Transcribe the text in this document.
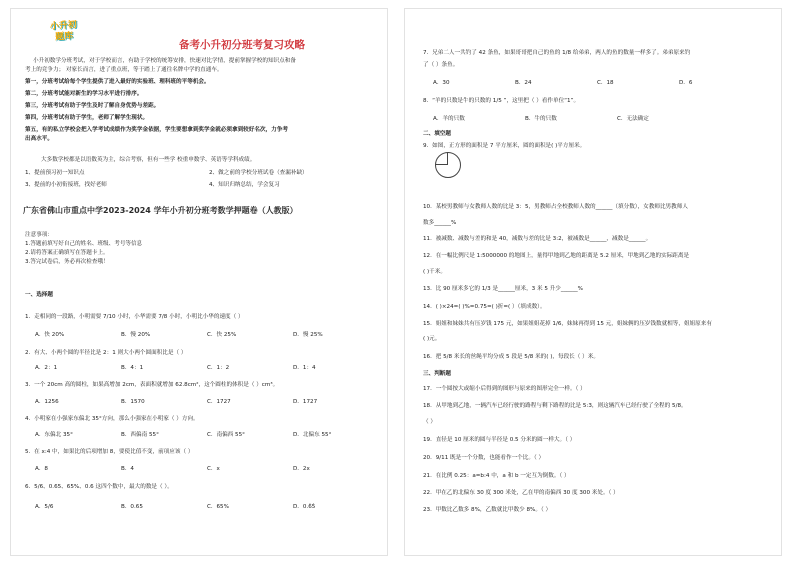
小升初
题库
备考小升初分班考复习攻略
小升初数学分班考试，对于学校而言，有助于学校的统筹安排，快速对比学情，提前掌握学校的知识点和备
考上的竞争力； 对家长而言，进了重点班，等于踏上了通往名牌中学的直通车。
第一，分班考试给每个学生提供了进入最好的实验班、理科班的平等机会。
第二，分班考试能对新生的学习水平进行排序。
第三，分班考试有助于学生及时了解自身优势与差距。
第四，分班考试有助于学生，老师了解学生现状。
第五，有的私立学校会把入学考试成绩作为奖学金依据，学生要想拿到奖学金就必须拿到较好名次，力争考
出高水平。
大多数学校都是以语数英为主，综合考察，但有一些学 校重申数学、英语等学科成绩。
1、提前预习初一知识点	2、做之前的学校分班试卷（查漏补缺）
3、提前的小初衔接班，找好老师	4、知识归纳总结，学会复习
广东省佛山市重点中学2023-2024 学年小升初分班考数学押题卷（人教版）
注意事项：
1.答题前填写好自己的姓名、班级、考号等信息
2.请将答案正确填写在答题卡上。
3.答完试卷后，务必再次检查哦！
一、选择题
1．走相同的一段路，小明需要 7/10 小时，小华需要 7/8 小时，小明比小华的速度（ ）
A．快 20%	B．慢 20%	C．快 25%	D．慢 25%
2．有大、小两个圆的半径比是 2：1 则大小两个圆面积比是（ ）
A．2：1	B．4：1	C．1：2	D．1：4
3．一个 20cm 高的圆柱，如果高增加 2cm，表面积就增加 62.8cm²，这个圆柱的体积是（ ）cm³。
A．1256	B．1570	C．1727	D．1727
4．小明家在小强家东偏北 35°方向，那么小强家在小明家（ ）方向。
A．东偏北 35°	B．西偏南 55°	C．南偏西 55°	D．北偏东 55°
5．在 x:4 中，如果比的后项增加 8，要使比值不变，前项应该（ ）
A．8	B．4	C．x	D．2x
6．5/6、0.65、65%、0.6 这四个数中，最大的数是（ ）。
A．5/6	B．0.65	C．65%	D．0.6̇5̇
7．兄弟二人一共钓了 42 条鱼，如果哥哥把自己的鱼的 1/8 给弟弟，两人的鱼的数量一样多了。弟弟原来钓
了（ ）条鱼。
A．30	B．24	C．18	D．6
8．“羊的只数是牛的只数的 1/5 ”，这里把（ ）看作单位“1”。
A．羊的只数	B．牛的只数	C．无法确定
二、填空题
9．如图，正方形的面积是 7 平方厘米，圆的面积是( )平方厘米。
10．某校男教师与女教师人数的比是 3：5，男教师占全校教师人数的______（填分数），女教师比男教师人
数多______%
11．被减数、减数与差的和是 40，减数与差的比是 3:2，被减数是______，减数是______。
12．在一幅比例尺是 1:5000000 的地图上，量得甲地到乙地的距离是 5.2 厘米，甲地到乙地的实际距离是
( )千米。
13．比 90 厘米多它的 1/3 是______厘米，3 米 5 升少______%
14．( )×24=( )%=0.75=( )折=( ）（填成数）。
15．姐姐和妹妹共有压岁钱 175 元，如果姐姐花掉 1/6，妹妹再得到 15 元，姐妹俩的压岁钱数就相等，姐姐原来有
( )元。
16．把 5/8 米长的丝绳平均分成 5 段是 5/8 米的( )，每段长（ ）米。
三、判断题
17．一个圆按大或缩小后得到的图形与原来的图形完全一样。（ ）
18．从甲地到乙地，一辆汽车已经行驶的路程与剩下路程的比是 5:3，则这辆汽车已经行驶了全程的 5/8。
（ ）
19．直径是 10 厘米的圆与半径是 0.5 分米的圆一样大。（ ）
20．9/11 既是一个分数，也能看作一个比。（ ）
21．在比例 0.25：a=b:4 中，a 和 b 一定互为倒数。（ ）
22．甲在乙的北偏东 30 度 300 米处，乙在甲的南偏西 30 度 300 米处。（ ）
23．甲数比乙数多 8%，乙数就比甲数少 8%。（ ）
